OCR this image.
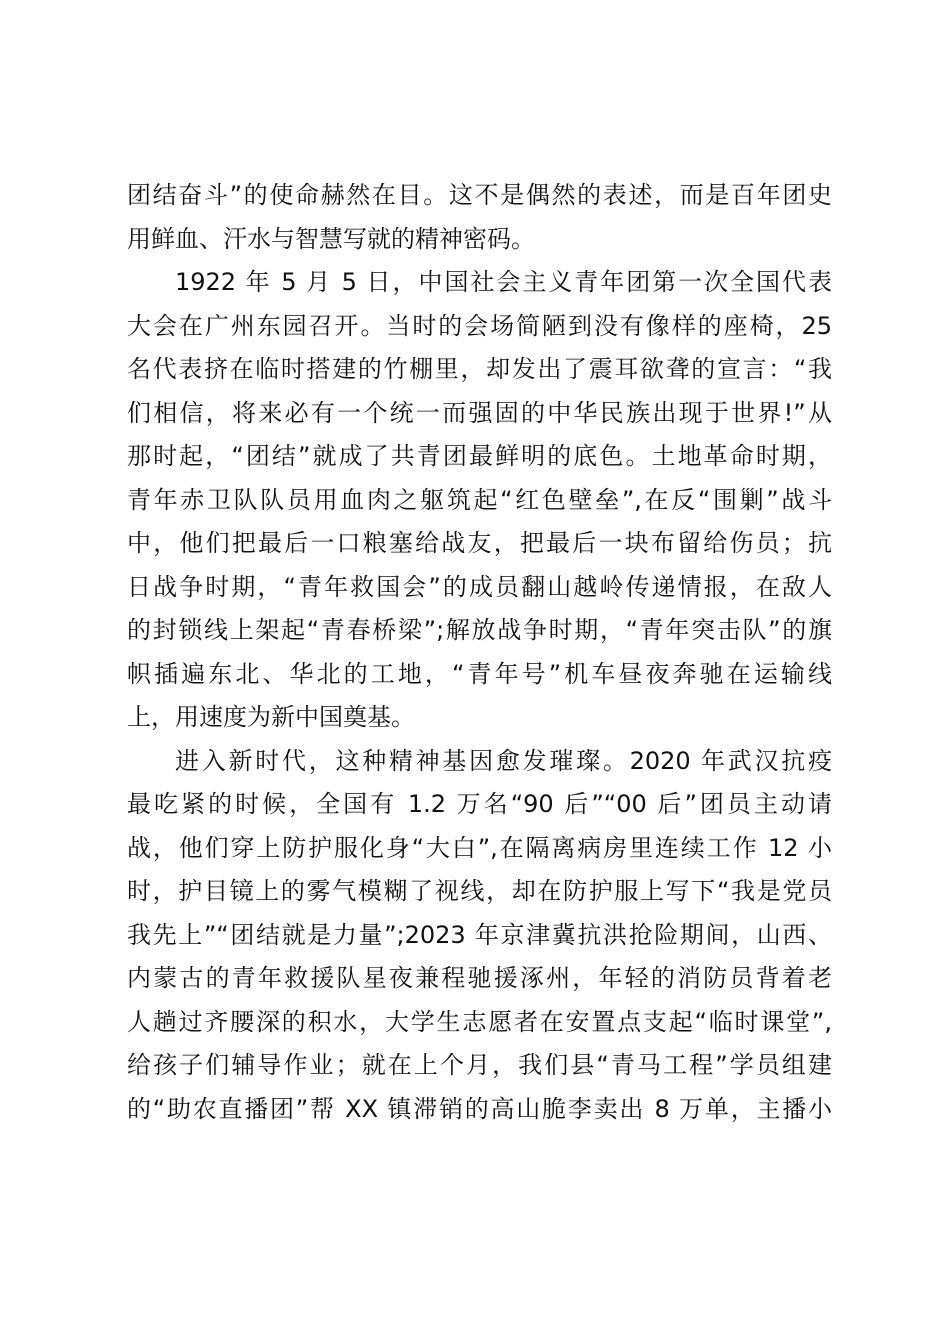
团结奋斗”的使命赫然在目。这不是偶然的表述，而是百年团史
用鲜血、汗水与智慧写就的精神密码。
1922 年 5 月 5 日，中国社会主义青年团第一次全国代表
大会在广州东园召开。当时的会场简陋到没有像样的座椅，25
名代表挤在临时搭建的竹棚里，却发出了震耳欲聋的宣言：“我
们相信，将来必有一个统一而强固的中华民族出现于世界!”从
那时起，“团结”就成了共青团最鲜明的底色。土地革命时期，
青年赤卫队队员用血肉之躯筑起“红色壁垒”,在反“围剿”战斗
中，他们把最后一口粮塞给战友，把最后一块布留给伤员；抗
日战争时期，“青年救国会”的成员翻山越岭传递情报，在敌人
的封锁线上架起“青春桥梁”;解放战争时期，“青年突击队”的旗
帜插遍东北、华北的工地，“青年号”机车昼夜奔驰在运输线
上，用速度为新中国奠基。
进入新时代，这种精神基因愈发璀璨。2020 年武汉抗疫
最吃紧的时候，全国有 1.2 万名“90 后”“00 后”团员主动请
战，他们穿上防护服化身“大白”,在隔离病房里连续工作 12 小
时，护目镜上的雾气模糊了视线，却在防护服上写下“我是党员
我先上”“团结就是力量”;2023 年京津冀抗洪抢险期间，山西、
内蒙古的青年救援队星夜兼程驰援涿州，年轻的消防员背着老
人趟过齐腰深的积水，大学生志愿者在安置点支起“临时课堂”,
给孩子们辅导作业；就在上个月，我们县“青马工程”学员组建
的“助农直播团”帮 XX 镇滞销的高山脆李卖出 8 万单，主播小
